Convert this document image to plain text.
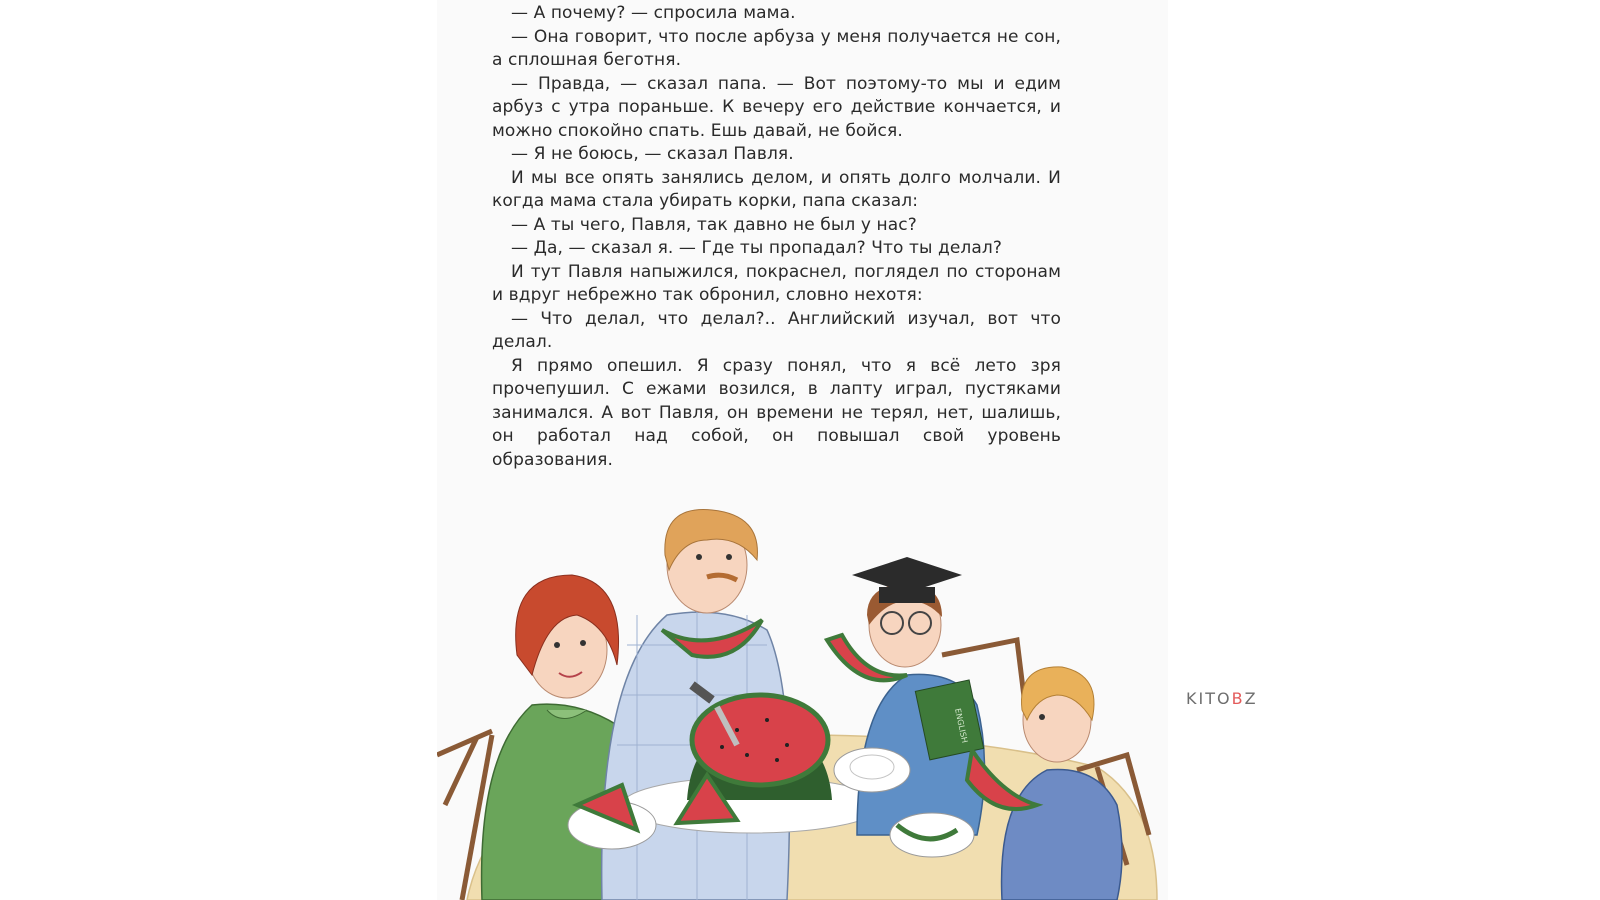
— А почему? — спросила мама.

— Она говорит, что после арбуза у меня получается не сон, а сплошная беготня.

— Правда, — сказал папа. — Вот поэтому-то мы и едим арбуз с утра пораньше. К вечеру его действие кончается, и можно спокойно спать. Ешь давай, не бойся.

— Я не боюсь, — сказал Павля.

И мы все опять занялись делом, и опять долго молчали. И когда мама стала убирать корки, папа сказал:

— А ты чего, Павля, так давно не был у нас?

— Да, — сказал я. — Где ты пропадал? Что ты делал?

И тут Павля напыжился, покраснел, поглядел по сторонам и вдруг небрежно так обронил, словно нехотя:

— Что делал, что делал?.. Английский изучал, вот что делал.

Я прямо опешил. Я сразу понял, что я всё лето зря прочепушил. С ежами возился, в лапту играл, пустяками занимался. А вот Павля, он времени не терял, нет, шалишь, он работал над собой, он повышал свой уровень образования.

ENGLISH
KITOBZ
